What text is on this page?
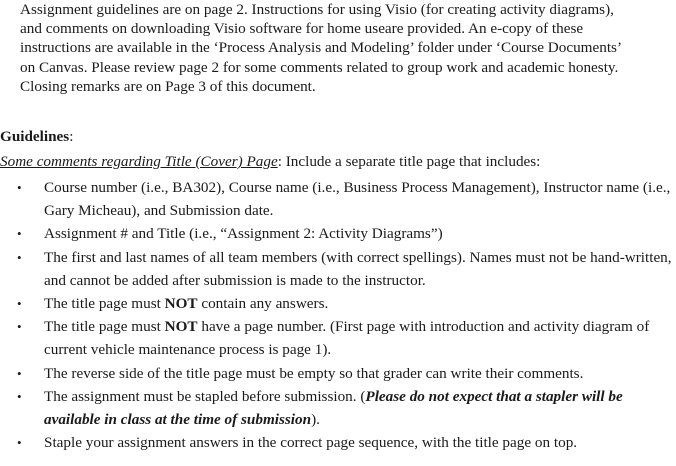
Assignment guidelines are on page 2. Instructions for using Visio (for creating activity diagrams),
and comments on downloading Visio software for home useare provided. An e-copy of these
instructions are available in the ‘Process Analysis and Modeling’ folder under ‘Course Documents’
on Canvas. Please review page 2 for some comments related to group work and academic honesty.
Closing remarks are on Page 3 of this document.

Guidelines:

Some comments regarding Title (Cover) Page: Include a separate title page that includes:

• Course number (i.e., BA302), Course name (i.e., Business Process Management), Instructor name (i.e., Gary Micheau), and Submission date.
• Assignment # and Title (i.e., “Assignment 2: Activity Diagrams”)
• The first and last names of all team members (with correct spellings). Names must not be hand-written, and cannot be added after submission is made to the instructor.
• The title page must NOT contain any answers.
• The title page must NOT have a page number. (First page with introduction and activity diagram of current vehicle maintenance process is page 1).
• The reverse side of the title page must be empty so that grader can write their comments.
• The assignment must be stapled before submission. (Please do not expect that a stapler will be available in class at the time of submission).
• Staple your assignment answers in the correct page sequence, with the title page on top.
